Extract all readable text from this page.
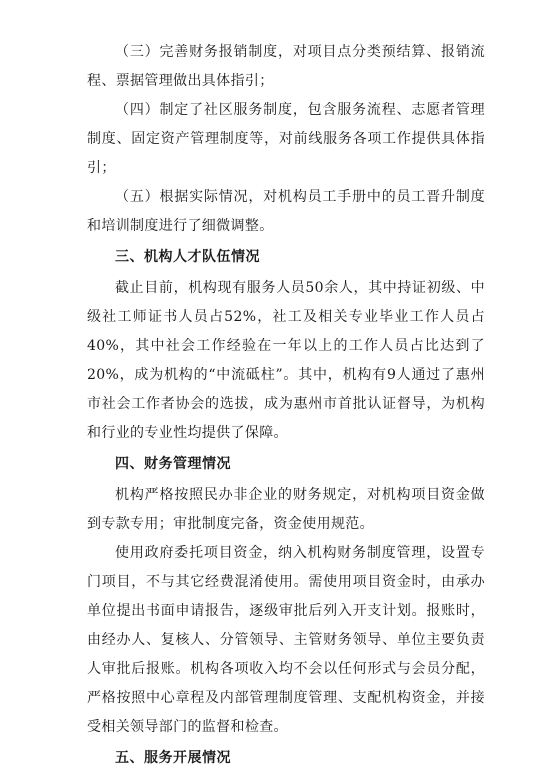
（三）完善财务报销制度，对项目点分类预结算、报销流程、票据管理做出具体指引；

（四）制定了社区服务制度，包含服务流程、志愿者管理制度、固定资产管理制度等，对前线服务各项工作提供具体指引；

（五）根据实际情况，对机构员工手册中的员工晋升制度和培训制度进行了细微调整。

三、机构人才队伍情况

截止目前，机构现有服务人员50余人，其中持证初级、中级社工师证书人员占52%，社工及相关专业毕业工作人员占40%，其中社会工作经验在一年以上的工作人员占比达到了20%，成为机构的“中流砥柱”。其中，机构有9人通过了惠州市社会工作者协会的选拔，成为惠州市首批认证督导，为机构和行业的专业性均提供了保障。

四、财务管理情况

机构严格按照民办非企业的财务规定，对机构项目资金做到专款专用；审批制度完备，资金使用规范。

使用政府委托项目资金，纳入机构财务制度管理，设置专门项目，不与其它经费混淆使用。需使用项目资金时，由承办单位提出书面申请报告，逐级审批后列入开支计划。报账时，由经办人、复核人、分管领导、主管财务领导、单位主要负责人审批后报账。机构各项收入均不会以任何形式与会员分配，严格按照中心章程及内部管理制度管理、支配机构资金，并接受相关领导部门的监督和检查。

五、服务开展情况
